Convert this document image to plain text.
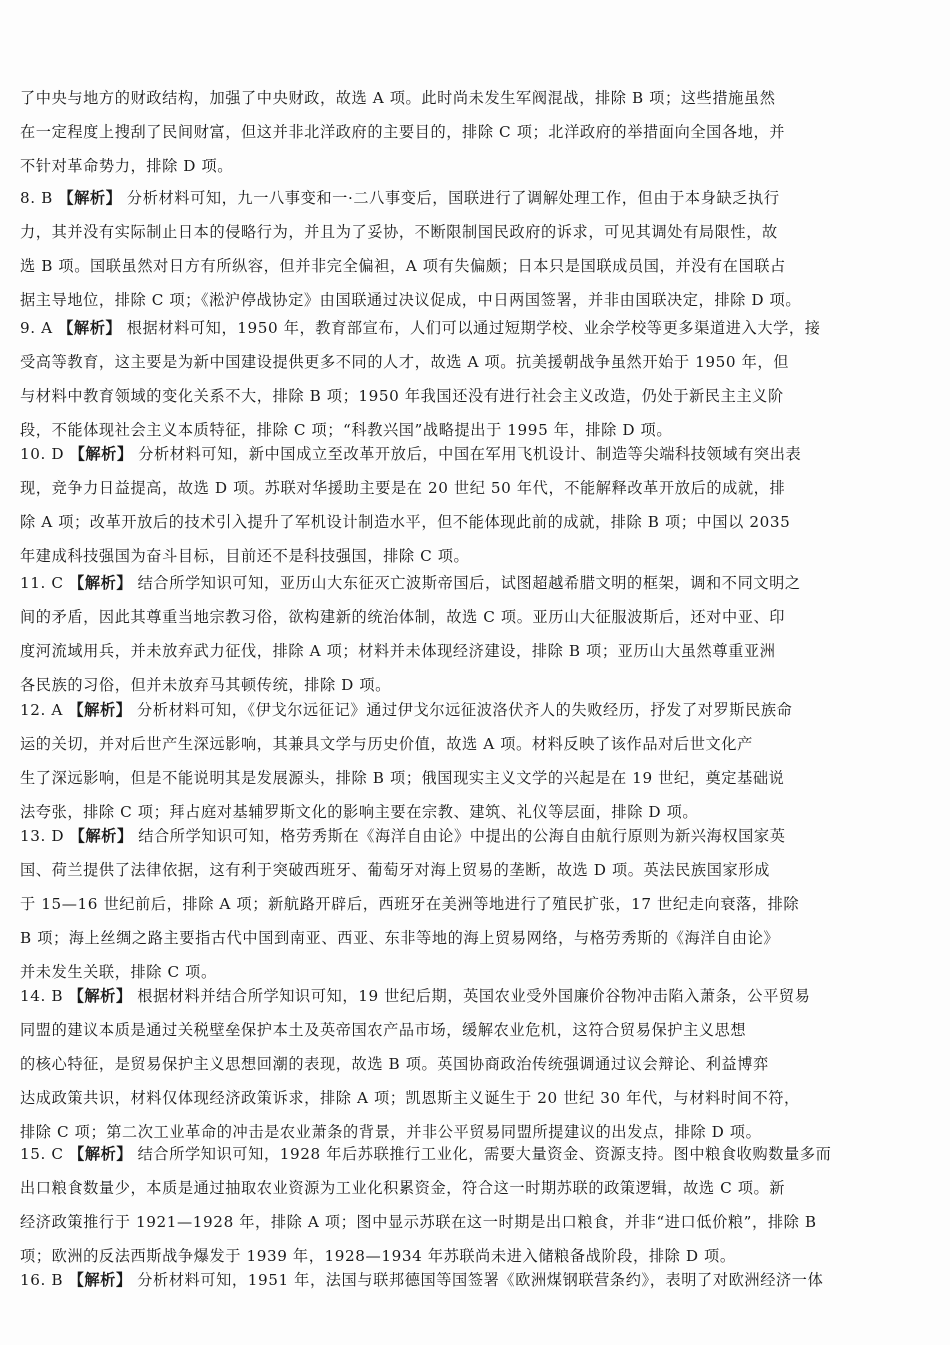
了中央与地方的财政结构，加强了中央财政，故选 A 项。此时尚未发生军阀混战，排除 B 项；这些措施虽然
在一定程度上搜刮了民间财富，但这并非北洋政府的主要目的，排除 C 项；北洋政府的举措面向全国各地，并
不针对革命势力，排除 D 项。
8. B 【解析】 分析材料可知，九一八事变和一·二八事变后，国联进行了调解处理工作，但由于本身缺乏执行
力，其并没有实际制止日本的侵略行为，并且为了妥协，不断限制国民政府的诉求，可见其调处有局限性，故
选 B 项。国联虽然对日方有所纵容，但并非完全偏袒，A 项有失偏颇；日本只是国联成员国，并没有在国联占
据主导地位，排除 C 项；《淞沪停战协定》由国联通过决议促成，中日两国签署，并非由国联决定，排除 D 项。
9. A 【解析】 根据材料可知，1950 年，教育部宣布，人们可以通过短期学校、业余学校等更多渠道进入大学，接
受高等教育，这主要是为新中国建设提供更多不同的人才，故选 A 项。抗美援朝战争虽然开始于 1950 年，但
与材料中教育领域的变化关系不大，排除 B 项；1950 年我国还没有进行社会主义改造，仍处于新民主主义阶
段，不能体现社会主义本质特征，排除 C 项；“科教兴国”战略提出于 1995 年，排除 D 项。
10. D 【解析】 分析材料可知，新中国成立至改革开放后，中国在军用飞机设计、制造等尖端科技领域有突出表
现，竞争力日益提高，故选 D 项。苏联对华援助主要是在 20 世纪 50 年代，不能解释改革开放后的成就，排
除 A 项；改革开放后的技术引入提升了军机设计制造水平，但不能体现此前的成就，排除 B 项；中国以 2035
年建成科技强国为奋斗目标，目前还不是科技强国，排除 C 项。
11. C 【解析】 结合所学知识可知，亚历山大东征灭亡波斯帝国后，试图超越希腊文明的框架，调和不同文明之
间的矛盾，因此其尊重当地宗教习俗，欲构建新的统治体制，故选 C 项。亚历山大征服波斯后，还对中亚、印
度河流域用兵，并未放弃武力征伐，排除 A 项；材料并未体现经济建设，排除 B 项；亚历山大虽然尊重亚洲
各民族的习俗，但并未放弃马其顿传统，排除 D 项。
12. A 【解析】 分析材料可知，《伊戈尔远征记》通过伊戈尔远征波洛伏齐人的失败经历，抒发了对罗斯民族命
运的关切，并对后世产生深远影响，其兼具文学与历史价值，故选 A 项。材料反映了该作品对后世文化产
生了深远影响，但是不能说明其是发展源头，排除 B 项；俄国现实主义文学的兴起是在 19 世纪，奠定基础说
法夸张，排除 C 项；拜占庭对基辅罗斯文化的影响主要在宗教、建筑、礼仪等层面，排除 D 项。
13. D 【解析】 结合所学知识可知，格劳秀斯在《海洋自由论》中提出的公海自由航行原则为新兴海权国家英
国、荷兰提供了法律依据，这有利于突破西班牙、葡萄牙对海上贸易的垄断，故选 D 项。英法民族国家形成
于 15—16 世纪前后，排除 A 项；新航路开辟后，西班牙在美洲等地进行了殖民扩张，17 世纪走向衰落，排除
B 项；海上丝绸之路主要指古代中国到南亚、西亚、东非等地的海上贸易网络，与格劳秀斯的《海洋自由论》
并未发生关联，排除 C 项。
14. B 【解析】 根据材料并结合所学知识可知，19 世纪后期，英国农业受外国廉价谷物冲击陷入萧条，公平贸易
同盟的建议本质是通过关税壁垒保护本土及英帝国农产品市场，缓解农业危机，这符合贸易保护主义思想
的核心特征，是贸易保护主义思想回潮的表现，故选 B 项。英国协商政治传统强调通过议会辩论、利益博弈
达成政策共识，材料仅体现经济政策诉求，排除 A 项；凯恩斯主义诞生于 20 世纪 30 年代，与材料时间不符，
排除 C 项；第二次工业革命的冲击是农业萧条的背景，并非公平贸易同盟所提建议的出发点，排除 D 项。
15. C 【解析】 结合所学知识可知，1928 年后苏联推行工业化，需要大量资金、资源支持。图中粮食收购数量多而
出口粮食数量少，本质是通过抽取农业资源为工业化积累资金，符合这一时期苏联的政策逻辑，故选 C 项。新
经济政策推行于 1921—1928 年，排除 A 项；图中显示苏联在这一时期是出口粮食，并非“进口低价粮”，排除 B
项；欧洲的反法西斯战争爆发于 1939 年，1928—1934 年苏联尚未进入储粮备战阶段，排除 D 项。
16. B 【解析】 分析材料可知，1951 年，法国与联邦德国等国签署《欧洲煤钢联营条约》，表明了对欧洲经济一体
